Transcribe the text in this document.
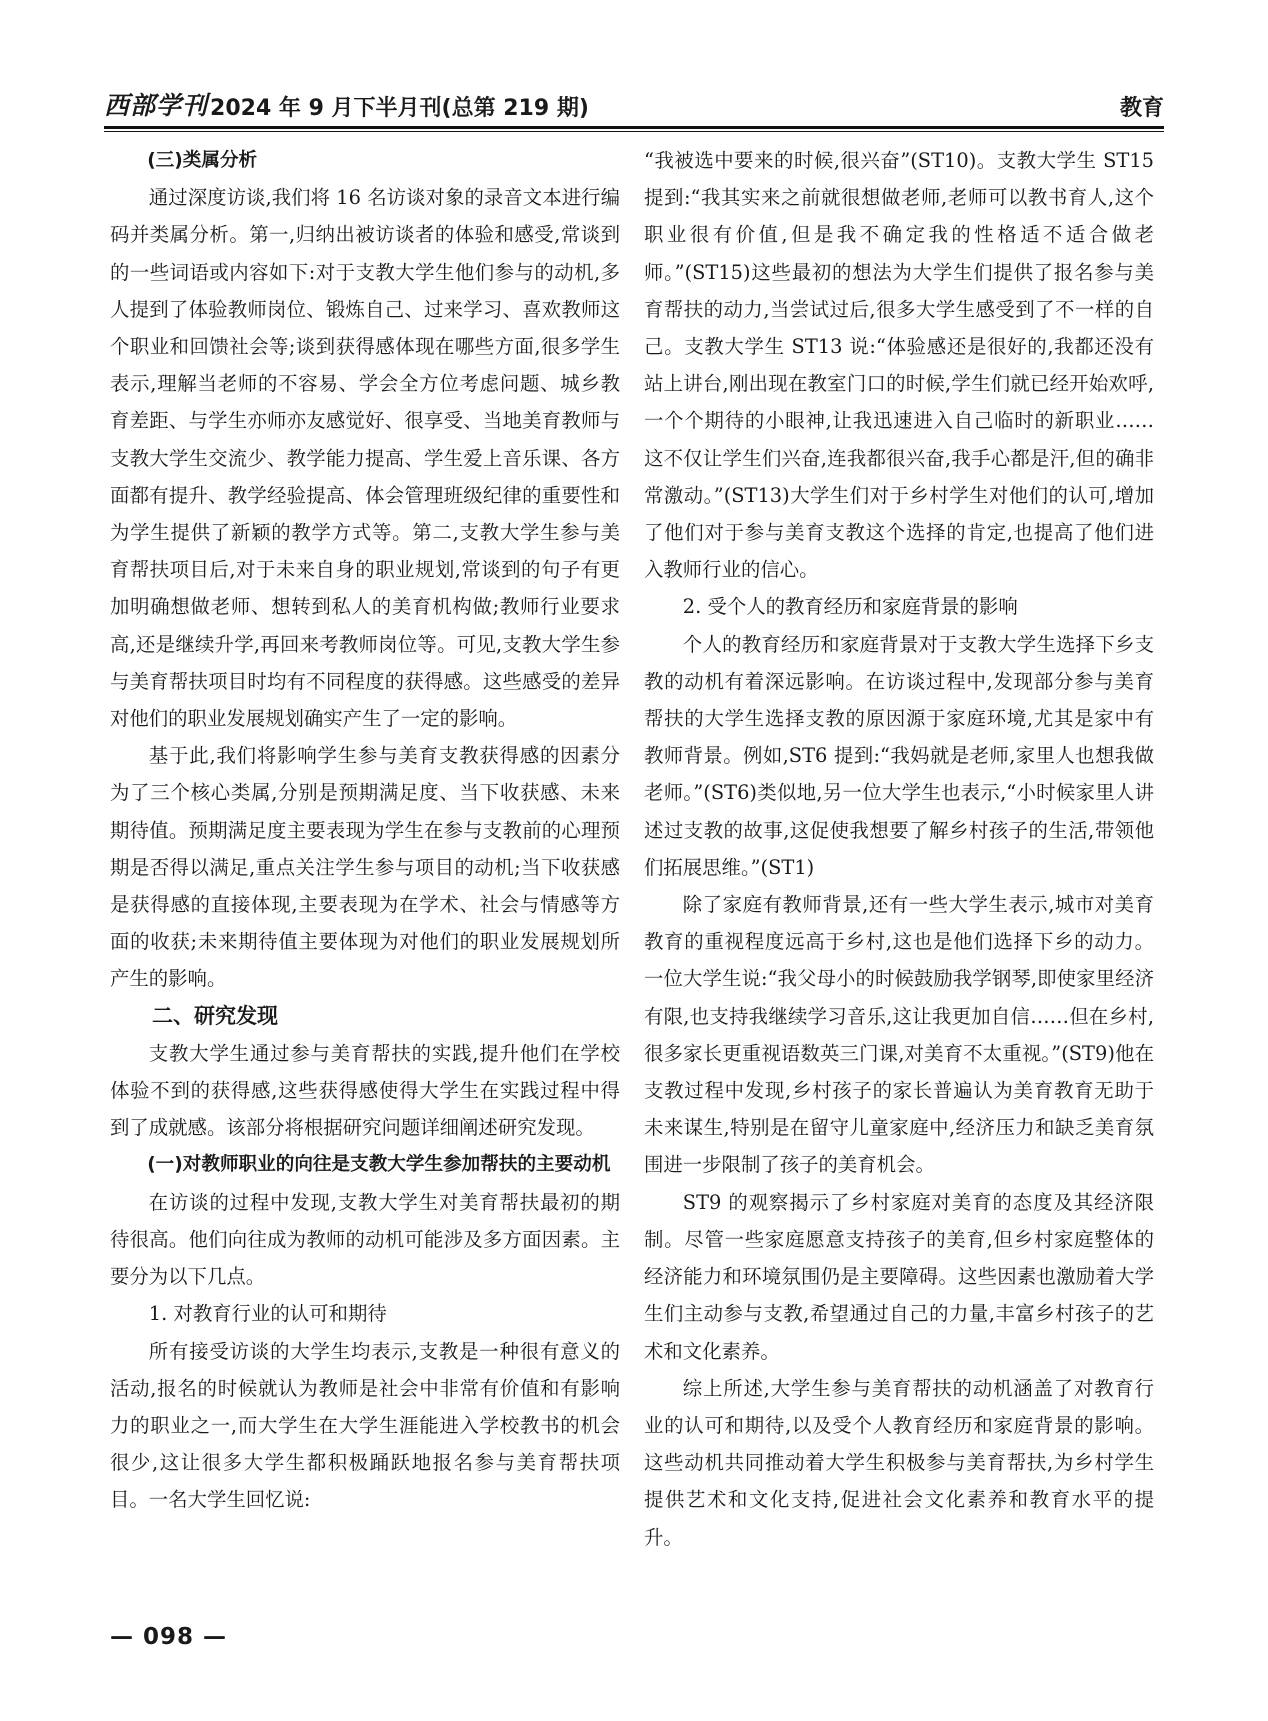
西部学刊 2024 年 9 月下半月刊(总第 219 期)	教育
(三)类属分析

通过深度访谈,我们将 16 名访谈对象的录音文本进行编码并类属分析。第一,归纳出被访谈者的体验和感受,常谈到的一些词语或内容如下:对于支教大学生他们参与的动机,多人提到了体验教师岗位、锻炼自己、过来学习、喜欢教师这个职业和回馈社会等;谈到获得感体现在哪些方面,很多学生表示,理解当老师的不容易、学会全方位考虑问题、城乡教育差距、与学生亦师亦友感觉好、很享受、当地美育教师与支教大学生交流少、教学能力提高、学生爱上音乐课、各方面都有提升、教学经验提高、体会管理班级纪律的重要性和为学生提供了新颖的教学方式等。第二,支教大学生参与美育帮扶项目后,对于未来自身的职业规划,常谈到的句子有更加明确想做老师、想转到私人的美育机构做;教师行业要求高,还是继续升学,再回来考教师岗位等。可见,支教大学生参与美育帮扶项目时均有不同程度的获得感。这些感受的差异对他们的职业发展规划确实产生了一定的影响。

基于此,我们将影响学生参与美育支教获得感的因素分为了三个核心类属,分别是预期满足度、当下收获感、未来期待值。预期满足度主要表现为学生在参与支教前的心理预期是否得以满足,重点关注学生参与项目的动机;当下收获感是获得感的直接体现,主要表现为在学术、社会与情感等方面的收获;未来期待值主要体现为对他们的职业发展规划所产生的影响。

二、研究发现

支教大学生通过参与美育帮扶的实践,提升他们在学校体验不到的获得感,这些获得感使得大学生在实践过程中得到了成就感。该部分将根据研究问题详细阐述研究发现。

(一)对教师职业的向往是支教大学生参加帮扶的主要动机

在访谈的过程中发现,支教大学生对美育帮扶最初的期待很高。他们向往成为教师的动机可能涉及多方面因素。主要分为以下几点。

1. 对教育行业的认可和期待

所有接受访谈的大学生均表示,支教是一种很有意义的活动,报名的时候就认为教师是社会中非常有价值和有影响力的职业之一,而大学生在大学生涯能进入学校教书的机会很少,这让很多大学生都积极踊跃地报名参与美育帮扶项目。一名大学生回忆说:

“我被选中要来的时候,很兴奋”(ST10)。支教大学生 ST15 提到:“我其实来之前就很想做老师,老师可以教书育人,这个职业很有价值,但是我不确定我的性格适不适合做老师。”(ST15)这些最初的想法为大学生们提供了报名参与美育帮扶的动力,当尝试过后,很多大学生感受到了不一样的自己。支教大学生 ST13 说:“体验感还是很好的,我都还没有站上讲台,刚出现在教室门口的时候,学生们就已经开始欢呼,一个个期待的小眼神,让我迅速进入自己临时的新职业……这不仅让学生们兴奋,连我都很兴奋,我手心都是汗,但的确非常激动。”(ST13)大学生们对于乡村学生对他们的认可,增加了他们对于参与美育支教这个选择的肯定,也提高了他们进入教师行业的信心。

2. 受个人的教育经历和家庭背景的影响

个人的教育经历和家庭背景对于支教大学生选择下乡支教的动机有着深远影响。在访谈过程中,发现部分参与美育帮扶的大学生选择支教的原因源于家庭环境,尤其是家中有教师背景。例如,ST6 提到:“我妈就是老师,家里人也想我做老师。”(ST6)类似地,另一位大学生也表示,“小时候家里人讲述过支教的故事,这促使我想要了解乡村孩子的生活,带领他们拓展思维。”(ST1)

除了家庭有教师背景,还有一些大学生表示,城市对美育教育的重视程度远高于乡村,这也是他们选择下乡的动力。一位大学生说:“我父母小的时候鼓励我学钢琴,即使家里经济有限,也支持我继续学习音乐,这让我更加自信……但在乡村,很多家长更重视语数英三门课,对美育不太重视。”(ST9)他在支教过程中发现,乡村孩子的家长普遍认为美育教育无助于未来谋生,特别是在留守儿童家庭中,经济压力和缺乏美育氛围进一步限制了孩子的美育机会。

ST9 的观察揭示了乡村家庭对美育的态度及其经济限制。尽管一些家庭愿意支持孩子的美育,但乡村家庭整体的经济能力和环境氛围仍是主要障碍。这些因素也激励着大学生们主动参与支教,希望通过自己的力量,丰富乡村孩子的艺术和文化素养。

综上所述,大学生参与美育帮扶的动机涵盖了对教育行业的认可和期待,以及受个人教育经历和家庭背景的影响。这些动机共同推动着大学生积极参与美育帮扶,为乡村学生提供艺术和文化支持,促进社会文化素养和教育水平的提升。

— 098 —
